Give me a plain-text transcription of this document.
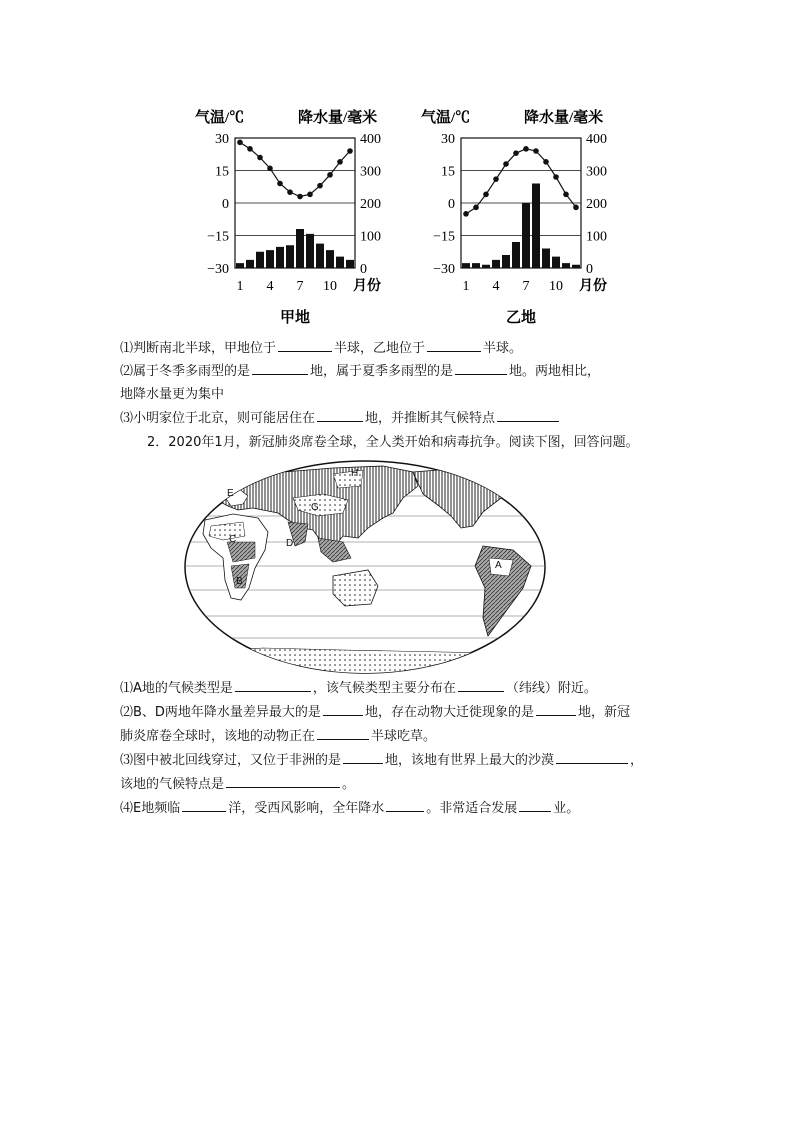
气温/℃	降水量/毫米
30	400
15	300
0	200
−15	100
−30	0
1 4 7 10 月份
甲地
气温/℃	降水量/毫米
30	400
15	300
0	200
−15	100
−30	0
1 4 7 10 月份
乙地
⑴判断南北半球，甲地位于	半球，乙地位于	半球。
⑵属于冬季多雨型的是	地，属于夏季多雨型的是	地。两地相比，
地降水量更为集中
⑶小明家位于北京，则可能居住在	地，并推断其气候特点
2．2020年1月，新冠肺炎席卷全球，全人类开始和病毒抗争。阅读下图，回答问题。
A
B
C	D
E
G
H
⑴A地的气候类型是	，该气候类型主要分布在	（纬线）附近。
⑵B、D两地年降水量差异最大的是	地，存在动物大迁徙现象的是	地，新冠
肺炎席卷全球时，该地的动物正在	半球吃草。
⑶图中被北回线穿过，又位于非洲的是	地，该地有世界上最大的沙漠	，
该地的气候特点是	。
⑷E地频临	洋，受西风影响，全年降水	。非常适合发展	业。
